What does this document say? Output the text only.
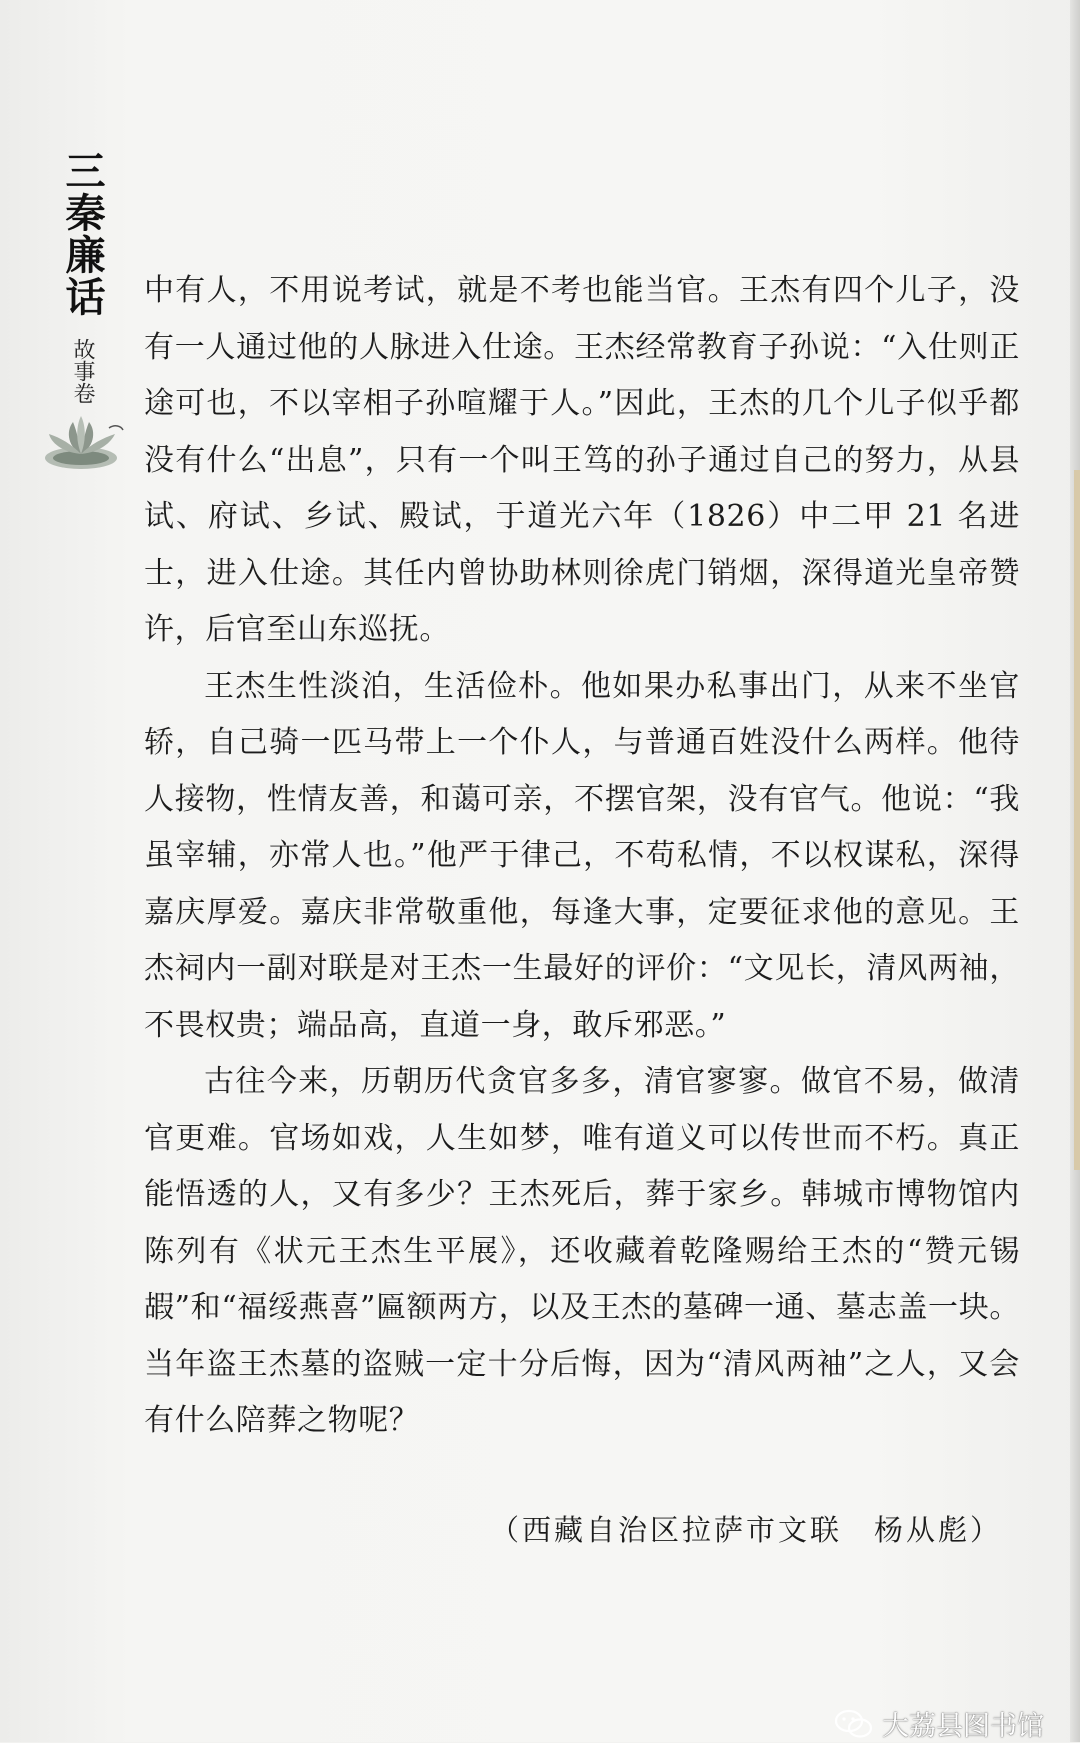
三秦廉话
故事卷

中有人，不用说考试，就是不考也能当官。王杰有四个儿子，没有一人通过他的人脉进入仕途。王杰经常教育子孙说：“入仕则正途可也，不以宰相子孙喧耀于人。”因此，王杰的几个儿子似乎都没有什么“出息”，只有一个叫王笃的孙子通过自己的努力，从县试、府试、乡试、殿试，于道光六年（1826）中二甲 21 名进士，进入仕途。其任内曾协助林则徐虎门销烟，深得道光皇帝赞许，后官至山东巡抚。

王杰生性淡泊，生活俭朴。他如果办私事出门，从来不坐官轿，自己骑一匹马带上一个仆人，与普通百姓没什么两样。他待人接物，性情友善，和蔼可亲，不摆官架，没有官气。他说：“我虽宰辅，亦常人也。”他严于律己，不苟私情，不以权谋私，深得嘉庆厚爱。嘉庆非常敬重他，每逢大事，定要征求他的意见。王杰祠内一副对联是对王杰一生最好的评价：“文见长，清风两袖，不畏权贵；端品高，直道一身，敢斥邪恶。”

古往今来，历朝历代贪官多多，清官寥寥。做官不易，做清官更难。官场如戏，人生如梦，唯有道义可以传世而不朽。真正能悟透的人，又有多少？王杰死后，葬于家乡。韩城市博物馆内陈列有《状元王杰生平展》，还收藏着乾隆赐给王杰的“赞元锡嘏”和“福绥燕喜”匾额两方，以及王杰的墓碑一通、墓志盖一块。当年盗王杰墓的盗贼一定十分后悔，因为“清风两袖”之人，又会有什么陪葬之物呢？

（西藏自治区拉萨市文联　杨从彪）
大荔县图书馆
